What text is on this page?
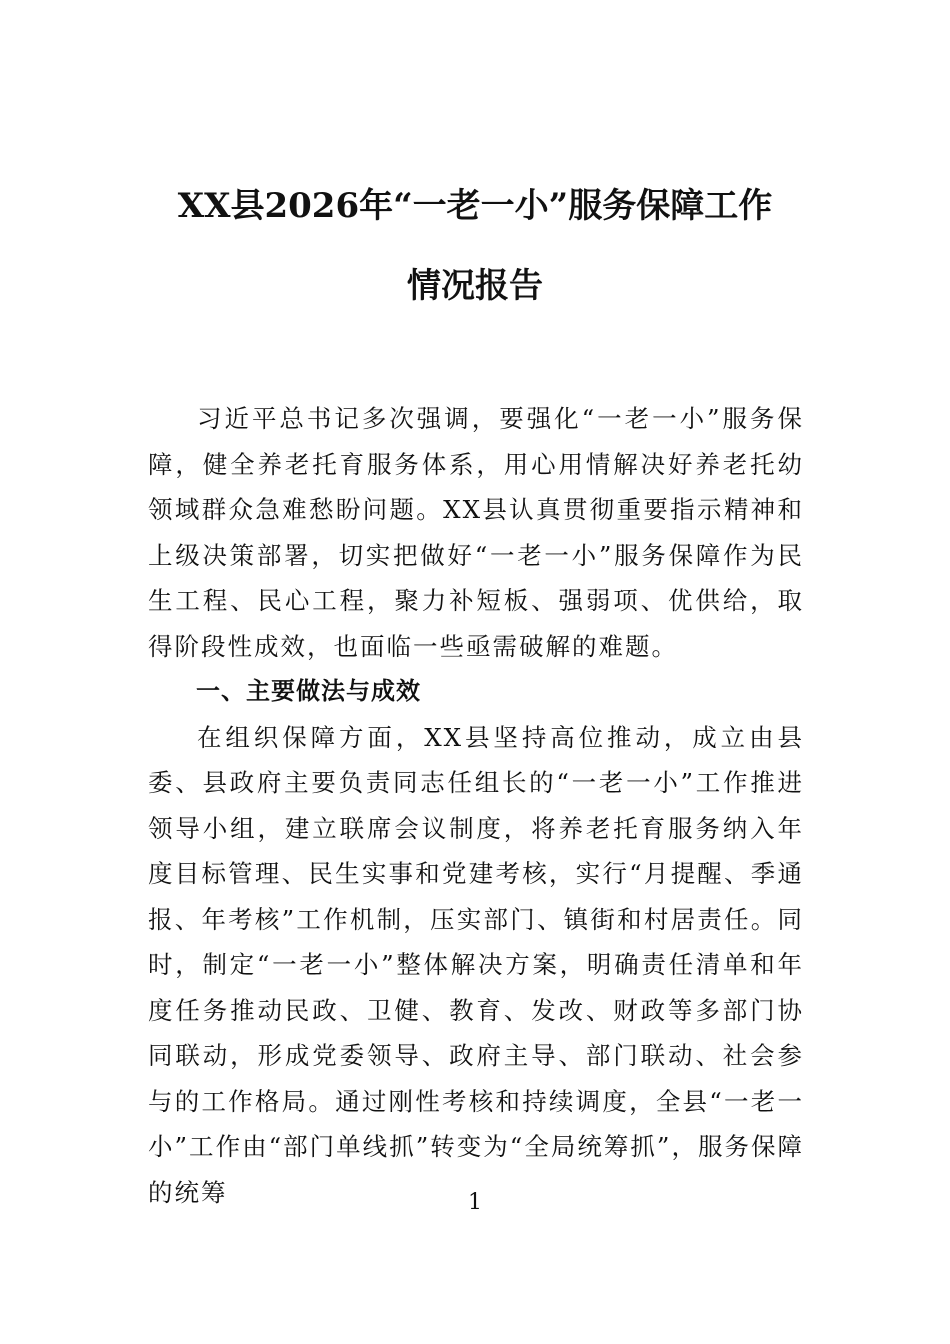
XX县2026年“一老一小”服务保障工作
情况报告

习近平总书记多次强调，要强化“一老一小”服务保障，健全养老托育服务体系，用心用情解决好养老托幼领域群众急难愁盼问题。XX县认真贯彻重要指示精神和上级决策部署，切实把做好“一老一小”服务保障作为民生工程、民心工程，聚力补短板、强弱项、优供给，取得阶段性成效，也面临一些亟需破解的难题。

一、主要做法与成效

在组织保障方面，XX县坚持高位推动，成立由县委、县政府主要负责同志任组长的“一老一小”工作推进领导小组，建立联席会议制度，将养老托育服务纳入年度目标管理、民生实事和党建考核，实行“月提醒、季通报、年考核”工作机制，压实部门、镇街和村居责任。同时，制定“一老一小”整体解决方案，明确责任清单和年度任务推动民政、卫健、教育、发改、财政等多部门协同联动，形成党委领导、政府主导、部门联动、社会参与的工作格局。通过刚性考核和持续调度，全县“一老一小”工作由“部门单线抓”转变为“全局统筹抓”，服务保障的统筹	1
